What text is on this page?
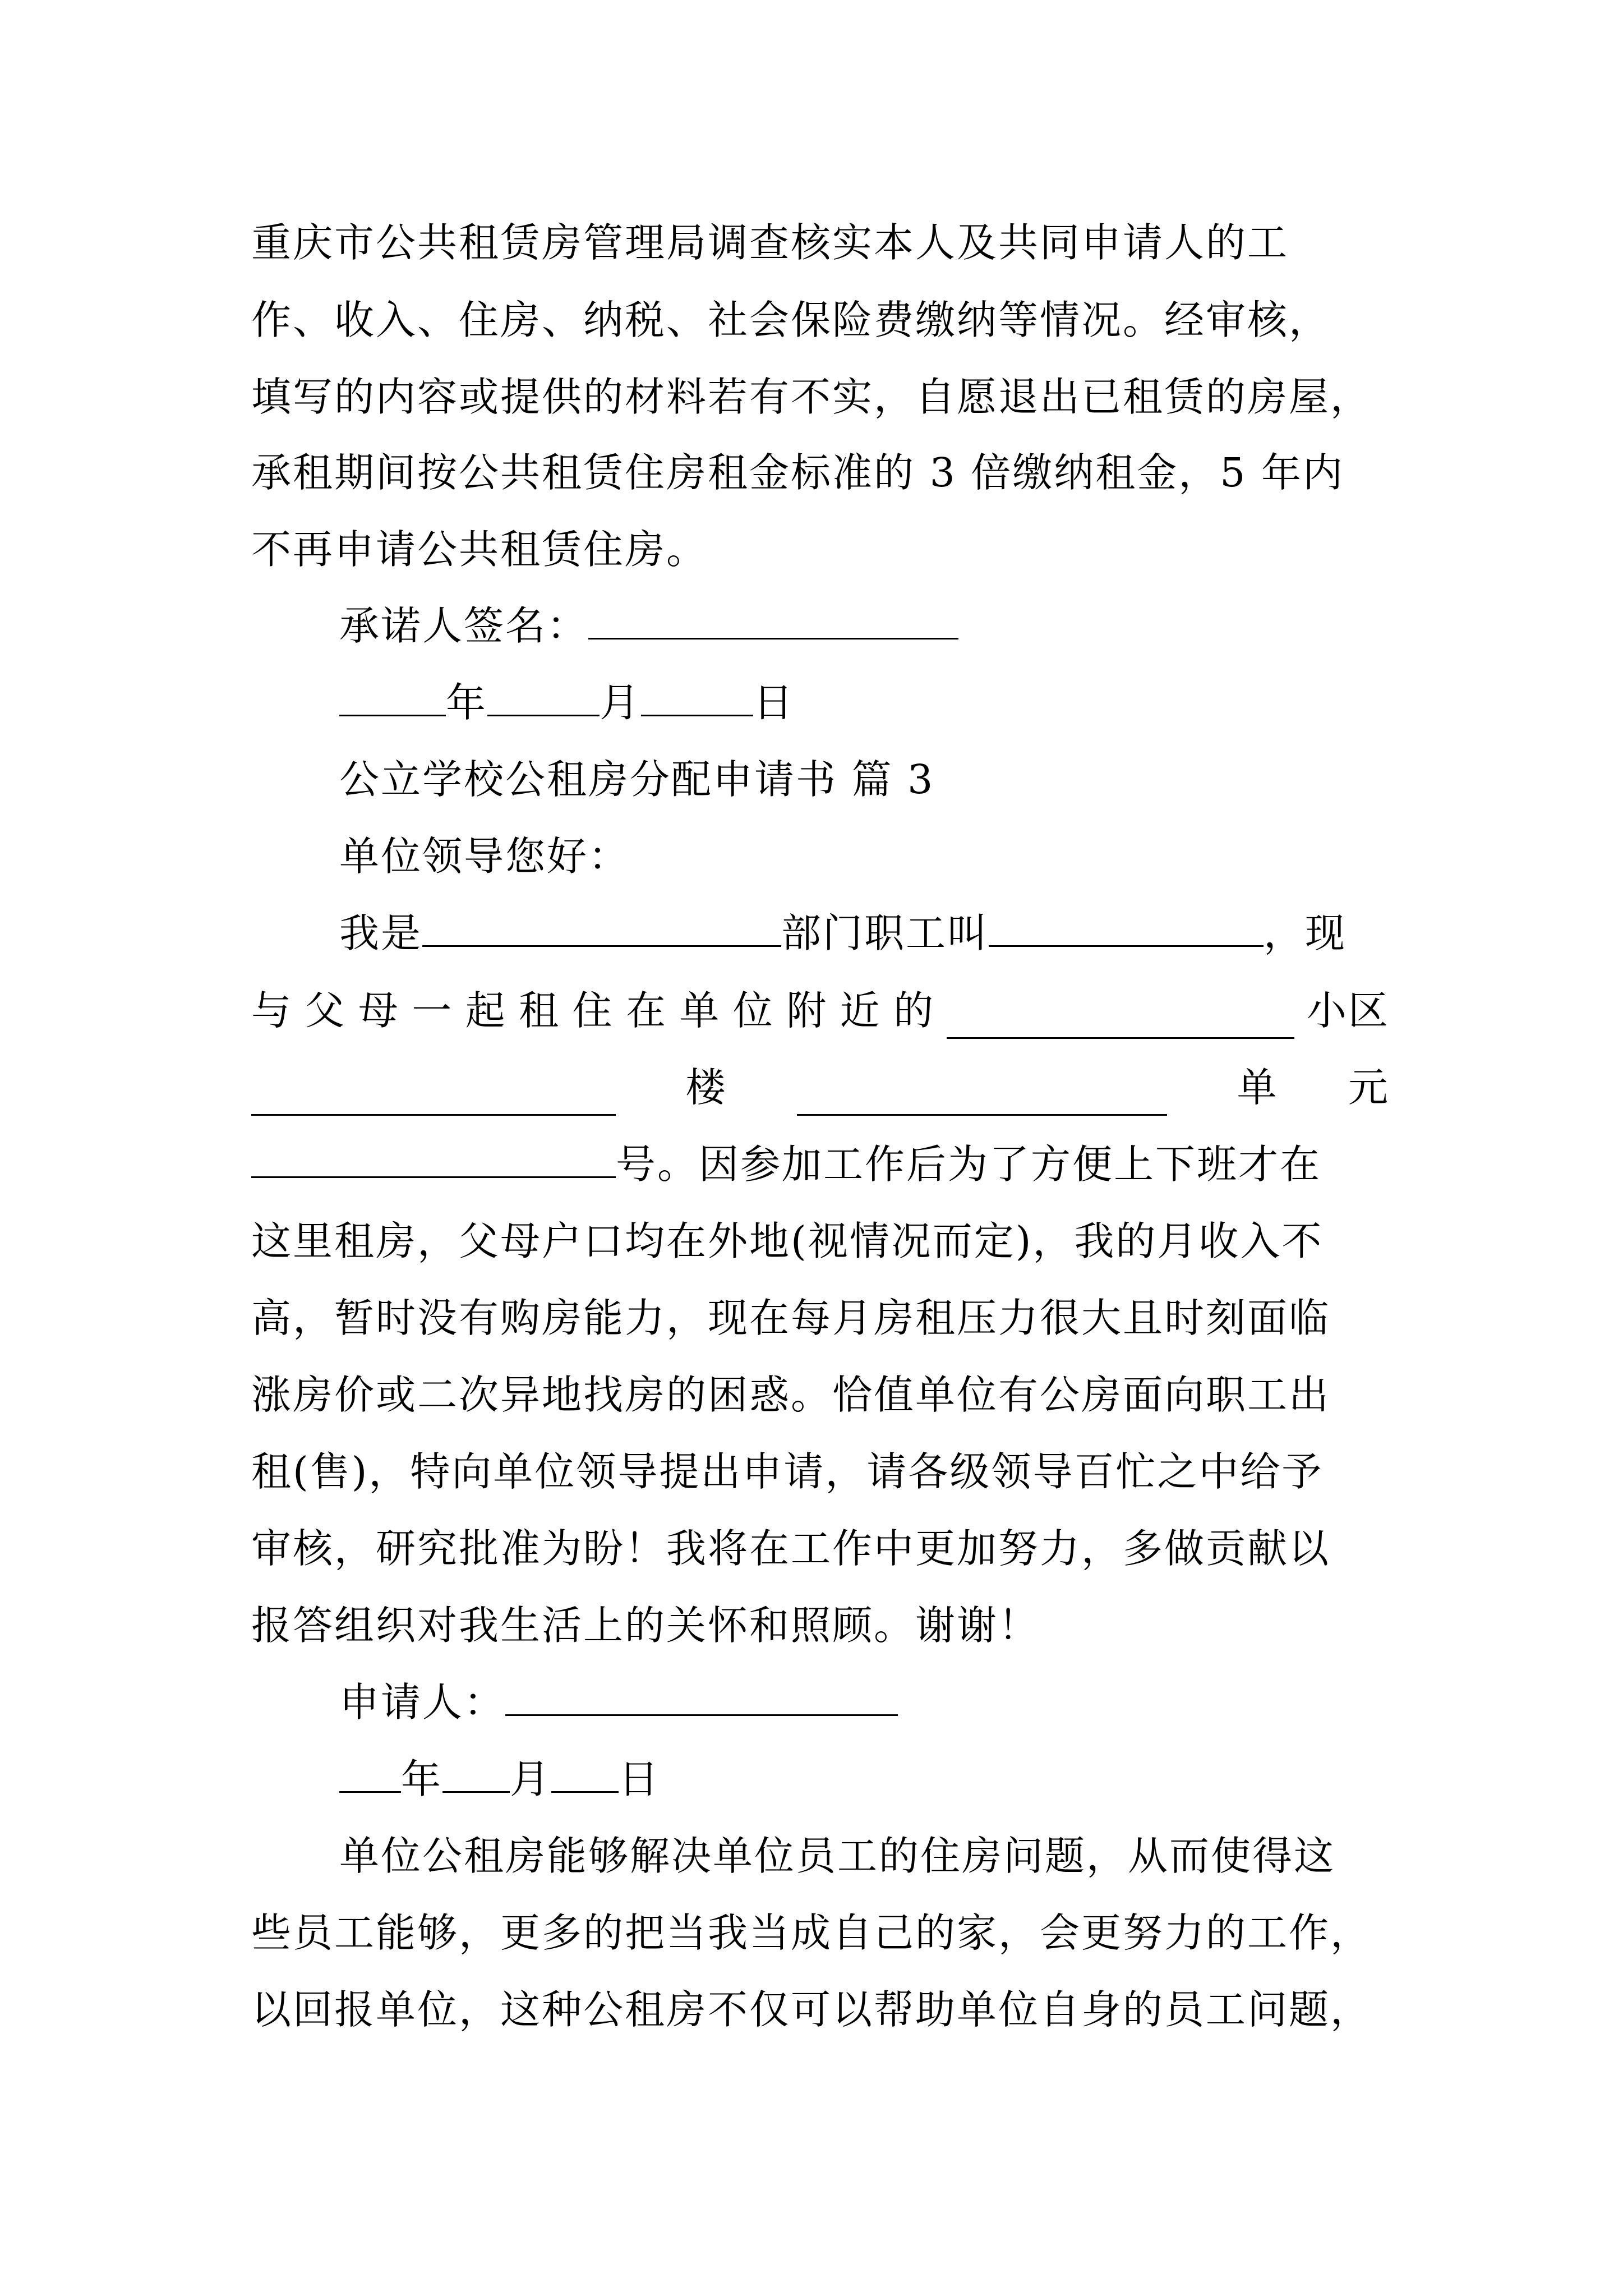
重庆市公共租赁房管理局调查核实本人及共同申请人的工
作、收入、住房、纳税、社会保险费缴纳等情况。经审核，
填写的内容或提供的材料若有不实，自愿退出已租赁的房屋，
承租期间按公共租赁住房租金标准的 3 倍缴纳租金，5 年内
不再申请公共租赁住房。
承诺人签名：
年	月	日
公立学校公租房分配申请书 篇 3
单位领导您好：
我是	部门职工叫	，现
与 父 母 一 起 租 住 在 单 位 附 近 的	小区
楼	单 元
号。因参加工作后为了方便上下班才在
这里租房，父母户口均在外地(视情况而定)，我的月收入不
高，暂时没有购房能力，现在每月房租压力很大且时刻面临
涨房价或二次异地找房的困惑。恰值单位有公房面向职工出
租(售)，特向单位领导提出申请，请各级领导百忙之中给予
审核，研究批准为盼！我将在工作中更加努力，多做贡献以
报答组织对我生活上的关怀和照顾。谢谢！
申请人：
年 月 日
单位公租房能够解决单位员工的住房问题，从而使得这
些员工能够，更多的把当我当成自己的家，会更努力的工作，
以回报单位，这种公租房不仅可以帮助单位自身的员工问题，
